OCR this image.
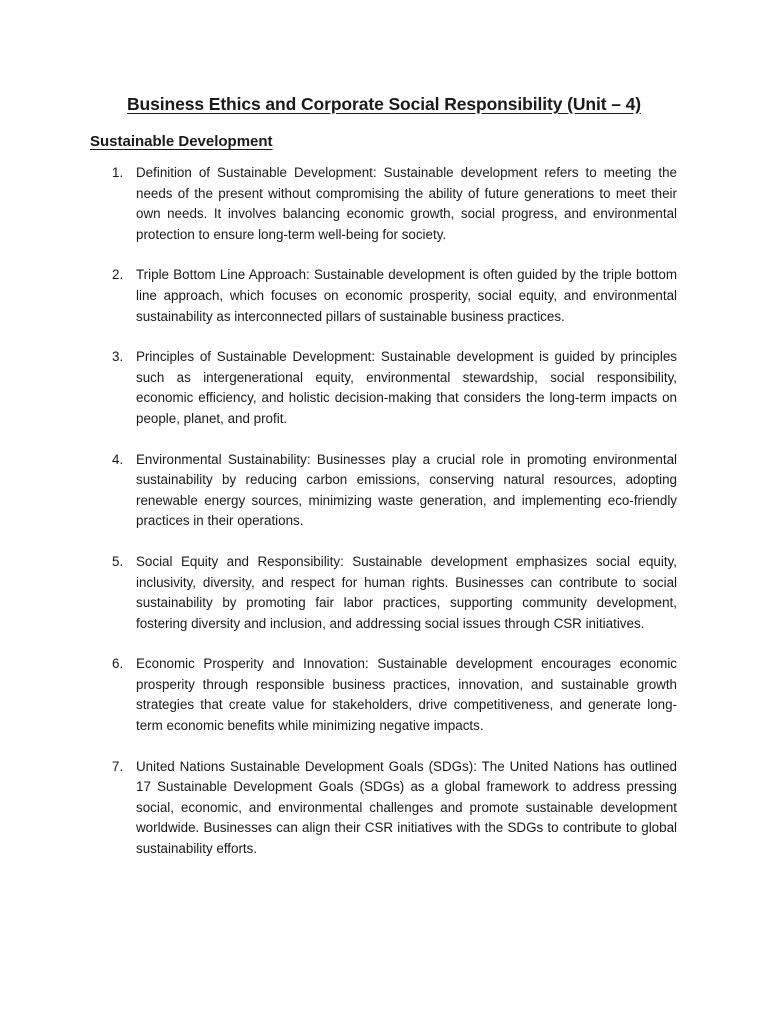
Business Ethics and Corporate Social Responsibility (Unit – 4)
Sustainable Development
1. Definition of Sustainable Development: Sustainable development refers to meeting the needs of the present without compromising the ability of future generations to meet their own needs. It involves balancing economic growth, social progress, and environmental protection to ensure long-term well-being for society.
2. Triple Bottom Line Approach: Sustainable development is often guided by the triple bottom line approach, which focuses on economic prosperity, social equity, and environmental sustainability as interconnected pillars of sustainable business practices.
3. Principles of Sustainable Development: Sustainable development is guided by principles such as intergenerational equity, environmental stewardship, social responsibility, economic efficiency, and holistic decision-making that considers the long-term impacts on people, planet, and profit.
4. Environmental Sustainability: Businesses play a crucial role in promoting environmental sustainability by reducing carbon emissions, conserving natural resources, adopting renewable energy sources, minimizing waste generation, and implementing eco-friendly practices in their operations.
5. Social Equity and Responsibility: Sustainable development emphasizes social equity, inclusivity, diversity, and respect for human rights. Businesses can contribute to social sustainability by promoting fair labor practices, supporting community development, fostering diversity and inclusion, and addressing social issues through CSR initiatives.
6. Economic Prosperity and Innovation: Sustainable development encourages economic prosperity through responsible business practices, innovation, and sustainable growth strategies that create value for stakeholders, drive competitiveness, and generate long-term economic benefits while minimizing negative impacts.
7. United Nations Sustainable Development Goals (SDGs): The United Nations has outlined 17 Sustainable Development Goals (SDGs) as a global framework to address pressing social, economic, and environmental challenges and promote sustainable development worldwide. Businesses can align their CSR initiatives with the SDGs to contribute to global sustainability efforts.
